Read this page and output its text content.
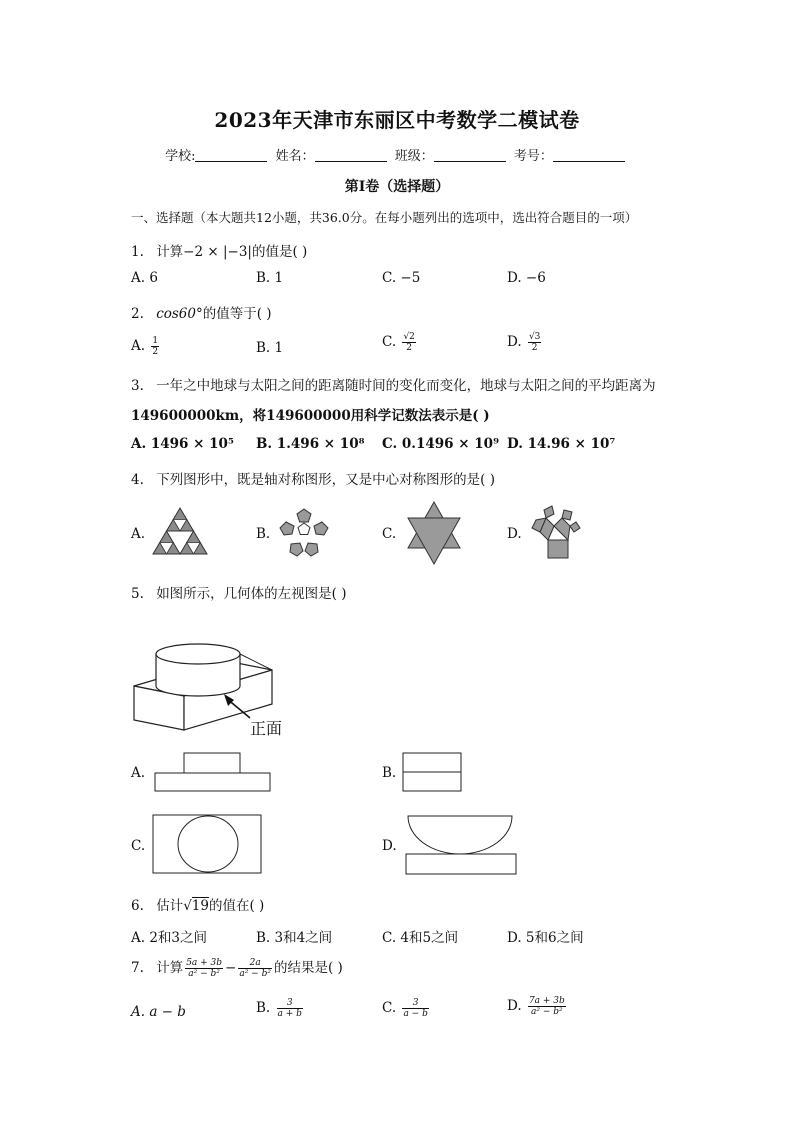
2023年天津市东丽区中考数学二模试卷
学校:	姓名：	班级：	考号：
第I卷（选择题）
一、选择题（本大题共12小题，共36.0分。在每小题列出的选项中，选出符合题目的一项）
1. 计算−2 × |−3|的值是( )
A. 6	B. 1	C. −5	D. −6
2. cos60°的值等于( )
A. $\frac{1}{2}$	B. 1	C. $\frac{√2}{2}$	D. $\frac{√3}{2}$
3. 一年之中地球与太阳之间的距离随时间的变化而变化，地球与太阳之间的平均距离为
149600000km，将149600000用科学记数法表示是( )
A. 1496 × 10⁵ B. 1.496 × 10⁸ C. 0.1496 × 10⁹ D. 14.96 × 10⁷
4. 下列图形中，既是轴对称图形，又是中心对称图形的是( )
A.	B.	C.	D.
5. 如图所示，几何体的左视图是( )
正面
A.	B.
C.	D.
6. 估计√19的值在( )
A. 2和3之间	B. 3和4之间	C. 4和5之间	D. 5和6之间
7. 计算 $\frac{5a + 3b}{\text{a² − b²}} - \frac{2a}{\text{a² − b²}}$ 的结果是( )
A. a − b	B. $\frac{3}{a + b}$	C. $\frac{3}{a - b}$	D. $\frac{7a + 3b}{\text{a² − b²}}$
